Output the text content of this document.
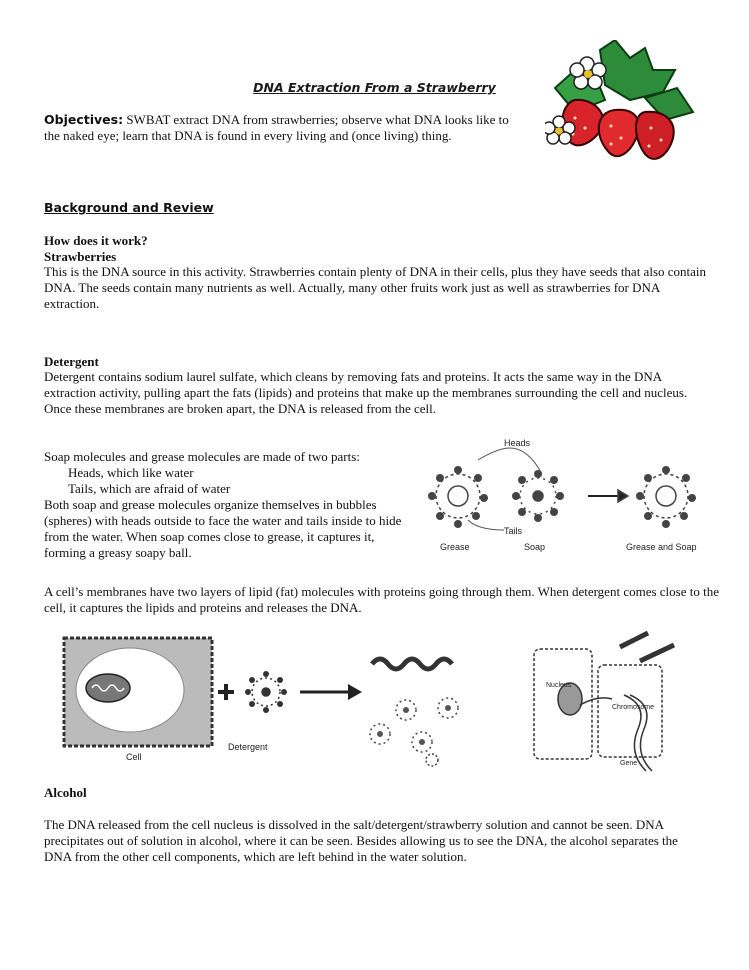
DNA Extraction From a Strawberry
Objectives: SWBAT extract DNA from strawberries; observe what DNA looks like to the naked eye; learn that DNA is found in every living and (once living) thing.
Background and Review
How does it work?
Strawberries
This is the DNA source in this activity. Strawberries contain plenty of DNA in their cells, plus they have seeds that also contain DNA. The seeds contain many nutrients as well. Actually, many other fruits work just as well as strawberries for DNA extraction.
Detergent
Detergent contains sodium laurel sulfate, which cleans by removing fats and proteins. It acts the same way in the DNA extraction activity, pulling apart the fats (lipids) and proteins that make up the membranes surrounding the cell and nucleus. Once these membranes are broken apart, the DNA is released from the cell.
Soap molecules and grease molecules are made of two parts:
Heads, which like water
Tails, which are afraid of water
Both soap and grease molecules organize themselves in bubbles (spheres) with heads outside to face the water and tails inside to hide from the water. When soap comes close to grease, it captures it, forming a greasy soapy ball.
Heads
Tails
Grease	Soap	Grease and Soap
A cell’s membranes have two layers of lipid (fat) molecules with proteins going through them. When detergent comes close to the cell, it captures the lipids and proteins and releases the DNA.
Cell
Detergent
Nucleus
Chromosome
Gene
Alcohol
The DNA released from the cell nucleus is dissolved in the salt/detergent/strawberry solution and cannot be seen. DNA precipitates out of solution in alcohol, where it can be seen. Besides allowing us to see the DNA, the alcohol separates the DNA from the other cell components, which are left behind in the water solution.
